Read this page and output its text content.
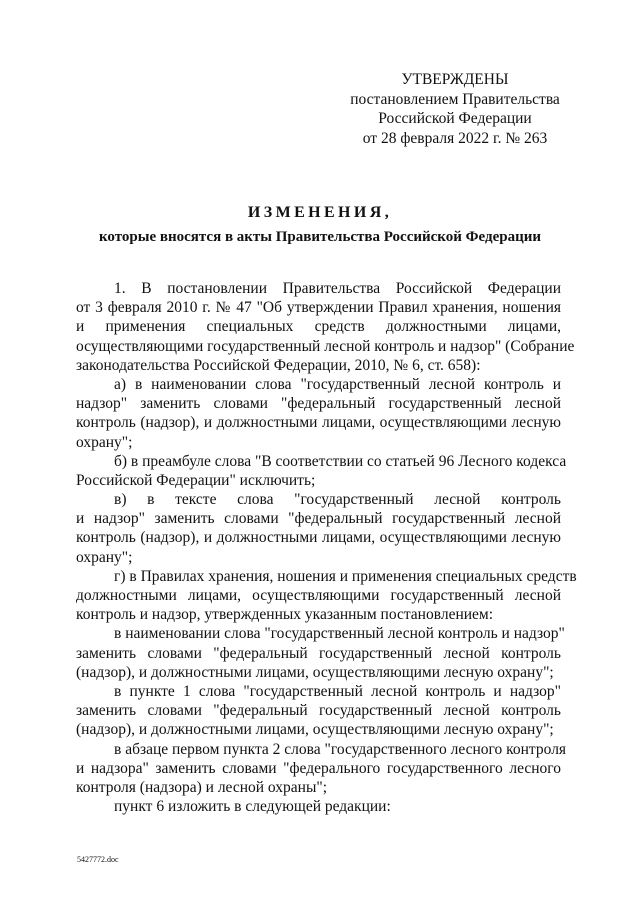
УТВЕРЖДЕНЫ
постановлением Правительства
Российской Федерации
от 28 февраля 2022 г. № 263
ИЗМЕНЕНИЯ,
которые вносятся в акты Правительства Российской Федерации
1. В постановлении Правительства Российской Федерации
от 3 февраля 2010 г. № 47 "Об утверждении Правил хранения, ношения
и применения специальных средств должностными лицами,
осуществляющими государственный лесной контроль и надзор" (Собрание
законодательства Российской Федерации, 2010, № 6, ст. 658):
а) в наименовании слова "государственный лесной контроль и
надзор" заменить словами "федеральный государственный лесной
контроль (надзор), и должностными лицами, осуществляющими лесную
охрану";
б) в преамбуле слова "В соответствии со статьей 96 Лесного кодекса
Российской Федерации" исключить;
в) в тексте слова "государственный лесной контроль
и надзор" заменить словами "федеральный государственный лесной
контроль (надзор), и должностными лицами, осуществляющими лесную
охрану";
г) в Правилах хранения, ношения и применения специальных средств
должностными лицами, осуществляющими государственный лесной
контроль и надзор, утвержденных указанным постановлением:
в наименовании слова "государственный лесной контроль и надзор"
заменить словами "федеральный государственный лесной контроль
(надзор), и должностными лицами, осуществляющими лесную охрану";
в пункте 1 слова "государственный лесной контроль и надзор"
заменить словами "федеральный государственный лесной контроль
(надзор), и должностными лицами, осуществляющими лесную охрану";
в абзаце первом пункта 2 слова "государственного лесного контроля
и надзора" заменить словами "федерального государственного лесного
контроля (надзора) и лесной охраны";
пункт 6 изложить в следующей редакции:
5427772.doc
